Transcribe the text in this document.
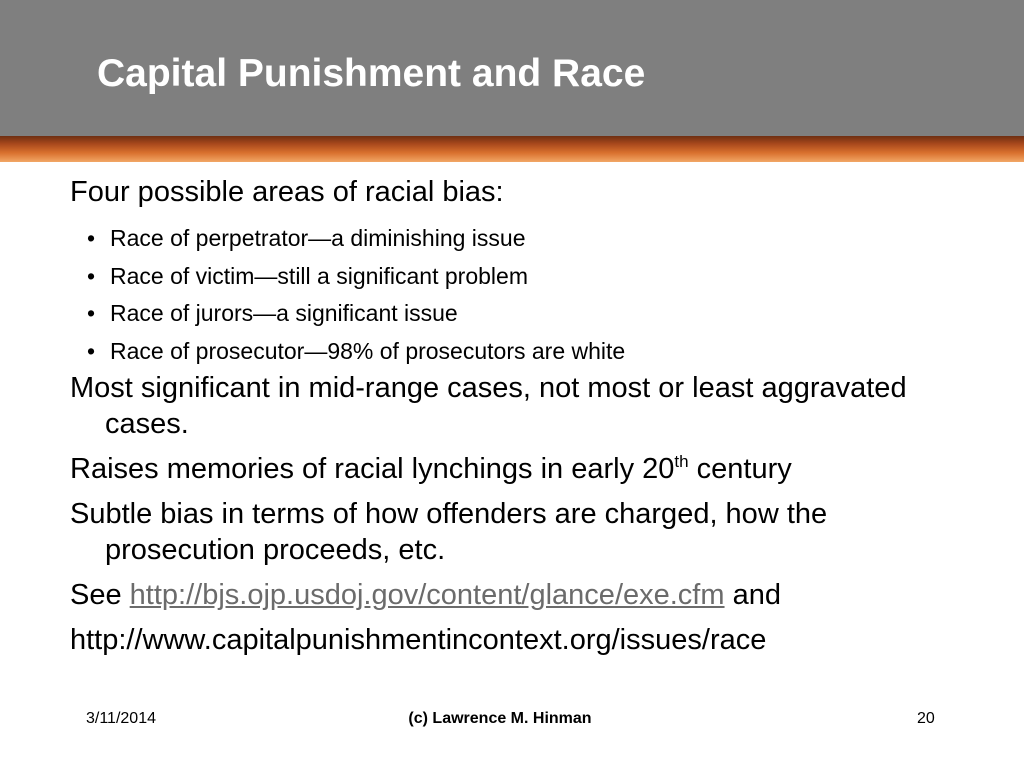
Capital Punishment and Race

Four possible areas of racial bias:

• Race of perpetrator—a diminishing issue
• Race of victim—still a significant problem
• Race of jurors—a significant issue
• Race of prosecutor—98% of prosecutors are white

Most significant in mid-range cases, not most or least aggravated cases.

Raises memories of racial lynchings in early 20th century

Subtle bias in terms of how offenders are charged, how the prosecution proceeds, etc.

See http://bjs.ojp.usdoj.gov/content/glance/exe.cfm and

http://www.capitalpunishmentincontext.org/issues/race

3/11/2014	(c) Lawrence M. Hinman	20
